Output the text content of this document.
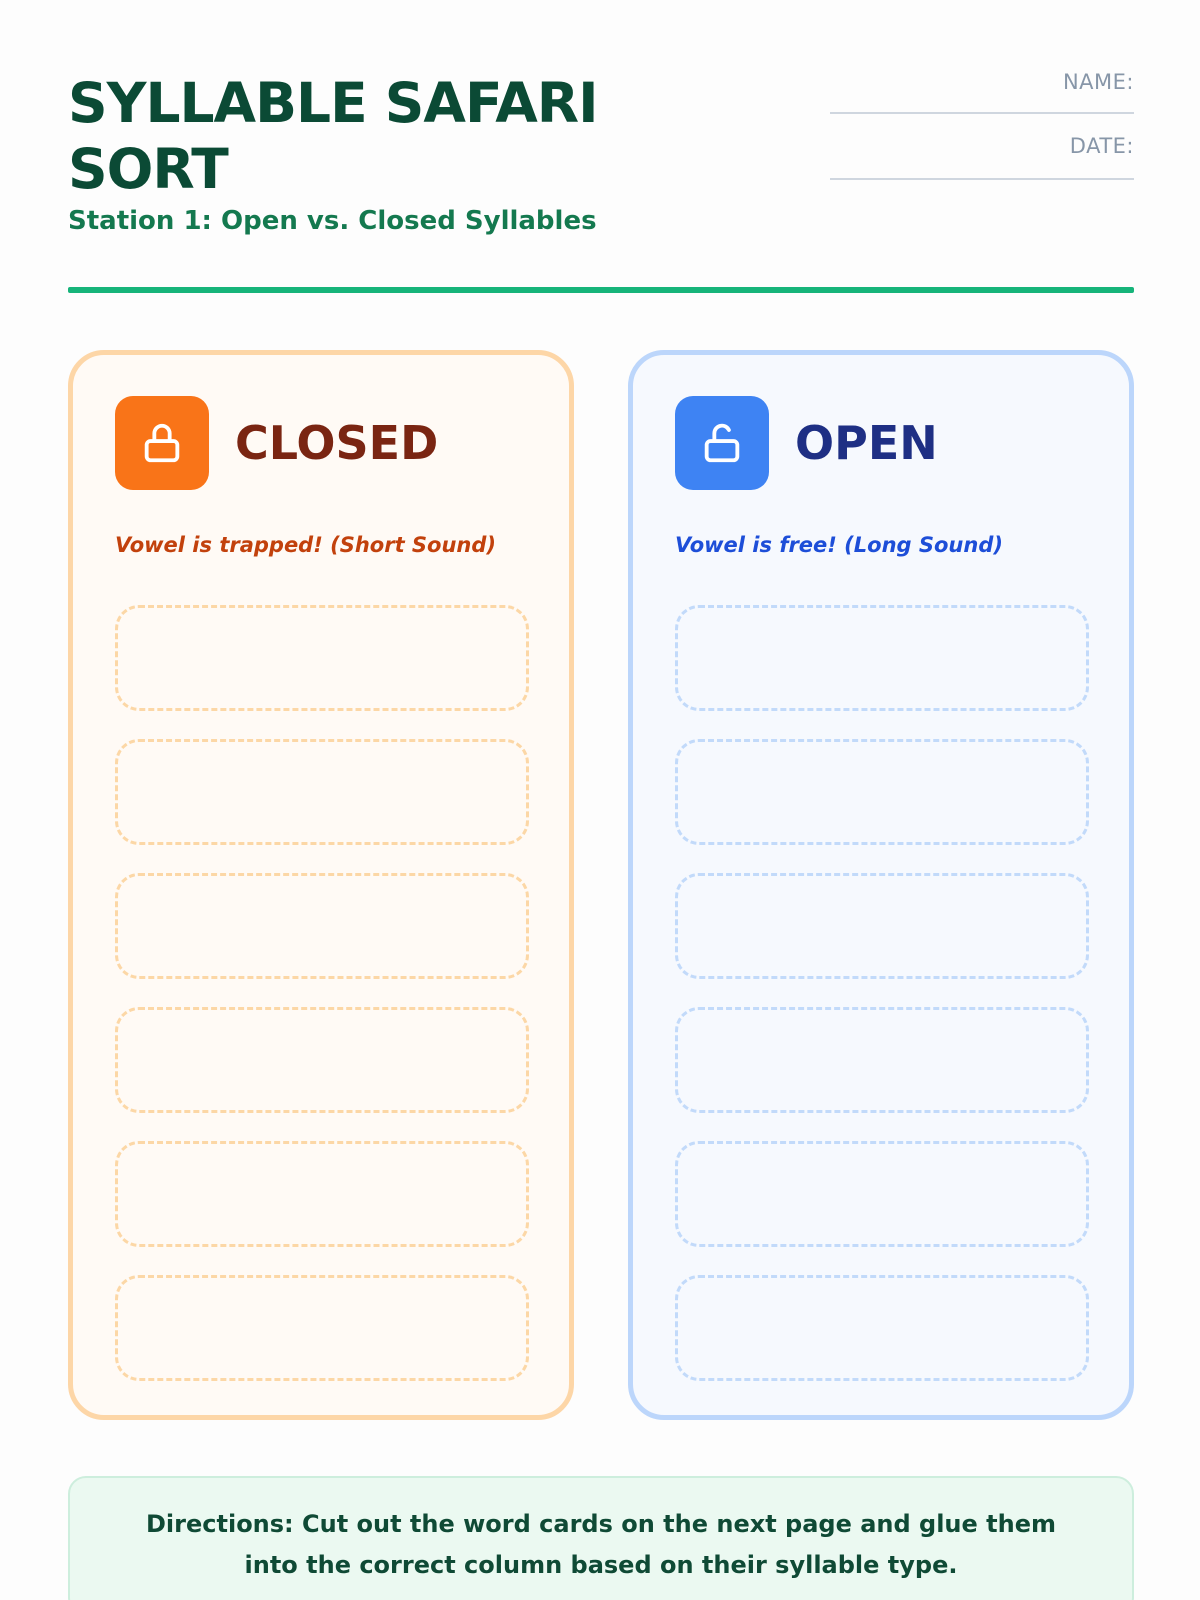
SYLLABLE SAFARI SORT
Station 1: Open vs. Closed Syllables
NAME:
DATE:
CLOSED
Vowel is trapped! (Short Sound)
OPEN
Vowel is free! (Long Sound)
Directions: Cut out the word cards on the next page and glue them into the correct column based on their syllable type.
